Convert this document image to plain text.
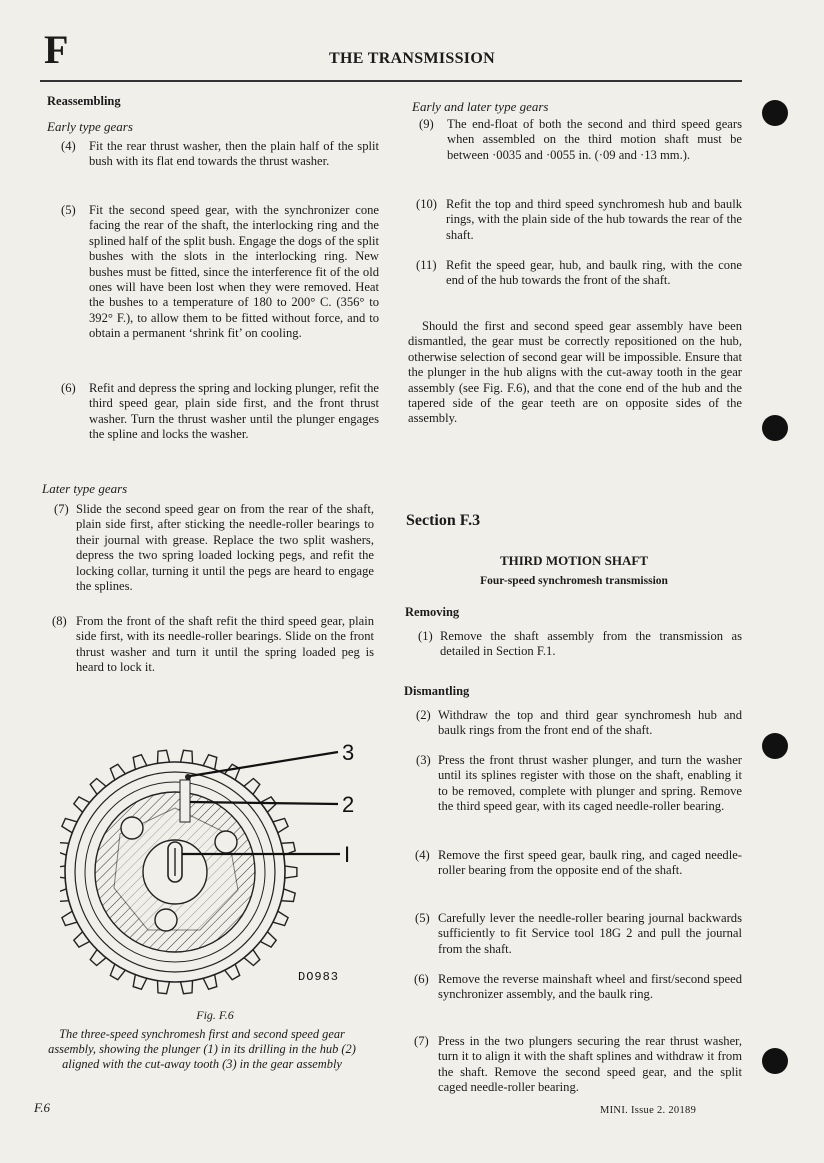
F	THE TRANSMISSION
Reassembling
Early type gears
(4) Fit the rear thrust washer, then the plain half of the split bush with its flat end towards the thrust washer.
(5) Fit the second speed gear, with the synchronizer cone facing the rear of the shaft, the interlocking ring and the splined half of the split bush. Engage the dogs of the split bushes with the slots in the interlocking ring. New bushes must be fitted, since the interference fit of the old ones will have been lost when they were removed. Heat the bushes to a temperature of 180 to 200° C. (356° to 392° F.), to allow them to be fitted without force, and to obtain a permanent ‘shrink fit’ on cooling.
(6) Refit and depress the spring and locking plunger, refit the third speed gear, plain side first, and the front thrust washer. Turn the thrust washer until the plunger engages the spline and locks the washer.
Later type gears
(7) Slide the second speed gear on from the rear of the shaft, plain side first, after sticking the needle-roller bearings to their journal with grease. Replace the two split washers, depress the two spring loaded locking pegs, and refit the locking collar, turning it until the pegs are heard to engage the splines.
(8) From the front of the shaft refit the third speed gear, plain side first, with its needle-roller bearings. Slide on the front thrust washer and turn it until the spring loaded peg is heard to lock it.
3
2
I
DO983
Fig. F.6
The three-speed synchromesh first and second speed gear assembly, showing the plunger (1) in its drilling in the hub (2) aligned with the cut-away tooth (3) in the gear assembly
Early and later type gears
(9) The end-float of both the second and third speed gears when assembled on the third motion shaft must be between ·0035 and ·0055 in. (·09 and ·13 mm.).
(10) Refit the top and third speed synchromesh hub and baulk rings, with the plain side of the hub towards the rear of the shaft.
(11) Refit the speed gear, hub, and baulk ring, with the cone end of the hub towards the front of the shaft.
Should the first and second speed gear assembly have been dismantled, the gear must be correctly repositioned on the hub, otherwise selection of second gear will be impossible. Ensure that the plunger in the hub aligns with the cut-away tooth in the gear assembly (see Fig. F.6), and that the cone end of the hub and the tapered side of the gear teeth are on opposite sides of the assembly.
Section F.3
THIRD MOTION SHAFT
Four-speed synchromesh transmission
Removing
(1) Remove the shaft assembly from the transmission as detailed in Section F.1.
Dismantling
(2) Withdraw the top and third gear synchromesh hub and baulk rings from the front end of the shaft.
(3) Press the front thrust washer plunger, and turn the washer until its splines register with those on the shaft, enabling it to be removed, complete with plunger and spring. Remove the third speed gear, with its caged needle-roller bearing.
(4) Remove the first speed gear, baulk ring, and caged needle-roller bearing from the opposite end of the shaft.
(5) Carefully lever the needle-roller bearing journal backwards sufficiently to fit Service tool 18G 2 and pull the journal from the shaft.
(6) Remove the reverse mainshaft wheel and first/second speed synchronizer assembly, and the baulk ring.
(7) Press in the two plungers securing the rear thrust washer, turn it to align it with the shaft splines and withdraw it from the shaft. Remove the second speed gear, and the split caged needle-roller bearing.
F.6	MINI. Issue 2. 20189
